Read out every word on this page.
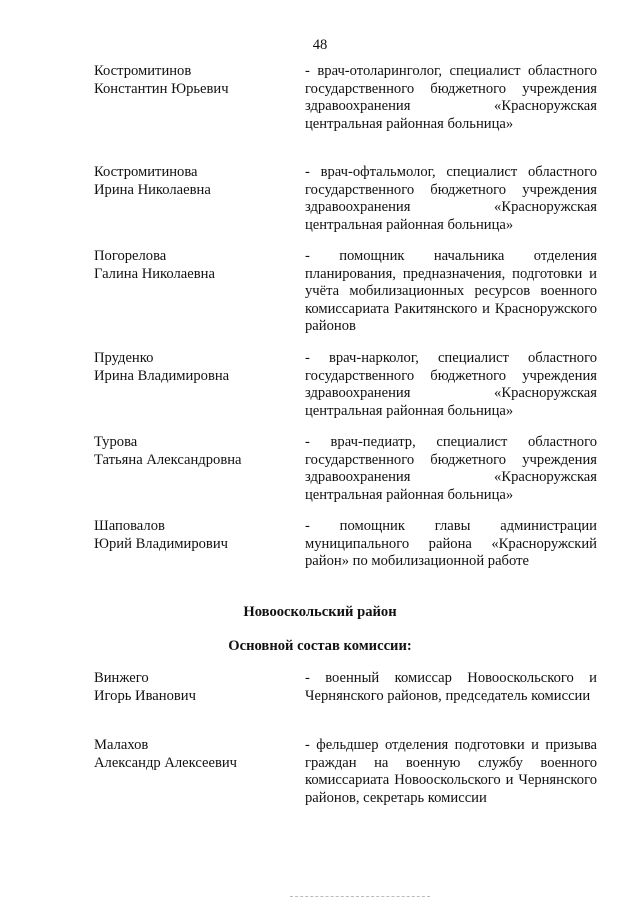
48
Костромитинов
Константин Юрьевич
- врач-отоларинголог, специалист областного государственного бюджетного учреждения здравоохранения «Красноружская центральная районная больница»
Костромитинова
Ирина Николаевна
- врач-офтальмолог, специалист областного государственного бюджетного учреждения здравоохранения «Красноружская центральная районная больница»
Погорелова
Галина Николаевна
- помощник начальника отделения планирования, предназначения, подготовки и учёта мобилизационных ресурсов военного комиссариата Ракитянского и Красноружского районов
Пруденко
Ирина Владимировна
- врач-нарколог, специалист областного государственного бюджетного учреждения здравоохранения «Красноружская центральная районная больница»
Турова
Татьяна Александровна
- врач-педиатр, специалист областного государственного бюджетного учреждения здравоохранения «Красноружская центральная районная больница»
Шаповалов
Юрий Владимирович
- помощник главы администрации муниципального района «Красноружский район» по мобилизационной работе
Новооскольский район
Основной состав комиссии:
Винжего
Игорь Иванович
- военный комиссар Новооскольского и Чернянского районов, председатель комиссии
Малахов
Александр Алексеевич
- фельдшер отделения подготовки и призыва граждан на военную службу военного комиссариата Новооскольского и Чернянского районов, секретарь комиссии
